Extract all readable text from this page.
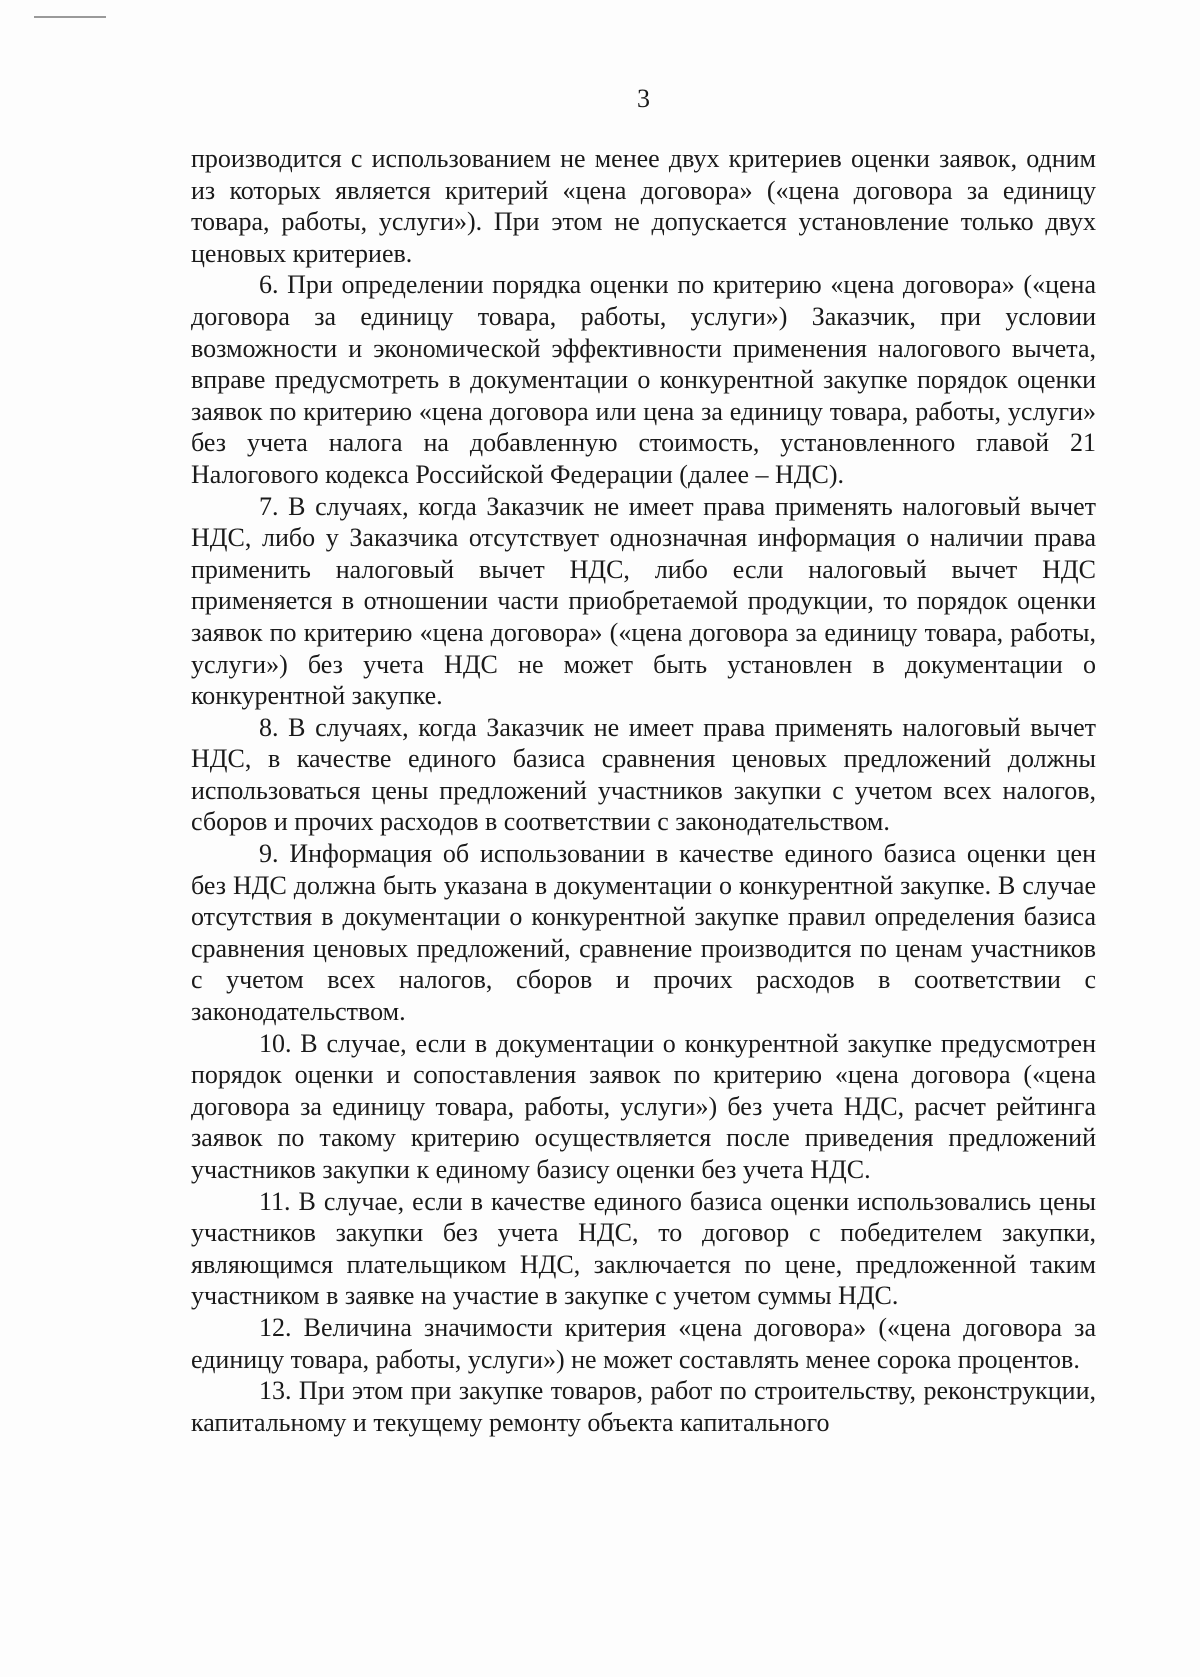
3

производится с использованием не менее двух критериев оценки заявок, одним из которых является критерий «цена договора» («цена договора за единицу товара, работы, услуги»). При этом не допускается установление только двух ценовых критериев.

6. При определении порядка оценки по критерию «цена договора» («цена договора за единицу товара, работы, услуги») Заказчик, при условии возможности и экономической эффективности применения налогового вычета, вправе предусмотреть в документации о конкурентной закупке порядок оценки заявок по критерию «цена договора или цена за единицу товара, работы, услуги» без учета налога на добавленную стоимость, установленного главой 21 Налогового кодекса Российской Федерации (далее – НДС).

7. В случаях, когда Заказчик не имеет права применять налоговый вычет НДС, либо у Заказчика отсутствует однозначная информация о наличии права применить налоговый вычет НДС, либо если налоговый вычет НДС применяется в отношении части приобретаемой продукции, то порядок оценки заявок по критерию «цена договора» («цена договора за единицу товара, работы, услуги») без учета НДС не может быть установлен в документации о конкурентной закупке.

8. В случаях, когда Заказчик не имеет права применять налоговый вычет НДС, в качестве единого базиса сравнения ценовых предложений должны использоваться цены предложений участников закупки с учетом всех налогов, сборов и прочих расходов в соответствии с законодательством.

9. Информация об использовании в качестве единого базиса оценки цен без НДС должна быть указана в документации о конкурентной закупке. В случае отсутствия в документации о конкурентной закупке правил определения базиса сравнения ценовых предложений, сравнение производится по ценам участников с учетом всех налогов, сборов и прочих расходов в соответствии с законодательством.

10. В случае, если в документации о конкурентной закупке предусмотрен порядок оценки и сопоставления заявок по критерию «цена договора («цена договора за единицу товара, работы, услуги») без учета НДС, расчет рейтинга заявок по такому критерию осуществляется после приведения предложений участников закупки к единому базису оценки без учета НДС.

11. В случае, если в качестве единого базиса оценки использовались цены участников закупки без учета НДС, то договор с победителем закупки, являющимся плательщиком НДС, заключается по цене, предложенной таким участником в заявке на участие в закупке с учетом суммы НДС.

12. Величина значимости критерия «цена договора» («цена договора за единицу товара, работы, услуги») не может составлять менее сорока процентов.

13. При этом при закупке товаров, работ по строительству, реконструкции, капитальному и текущему ремонту объекта капитального
